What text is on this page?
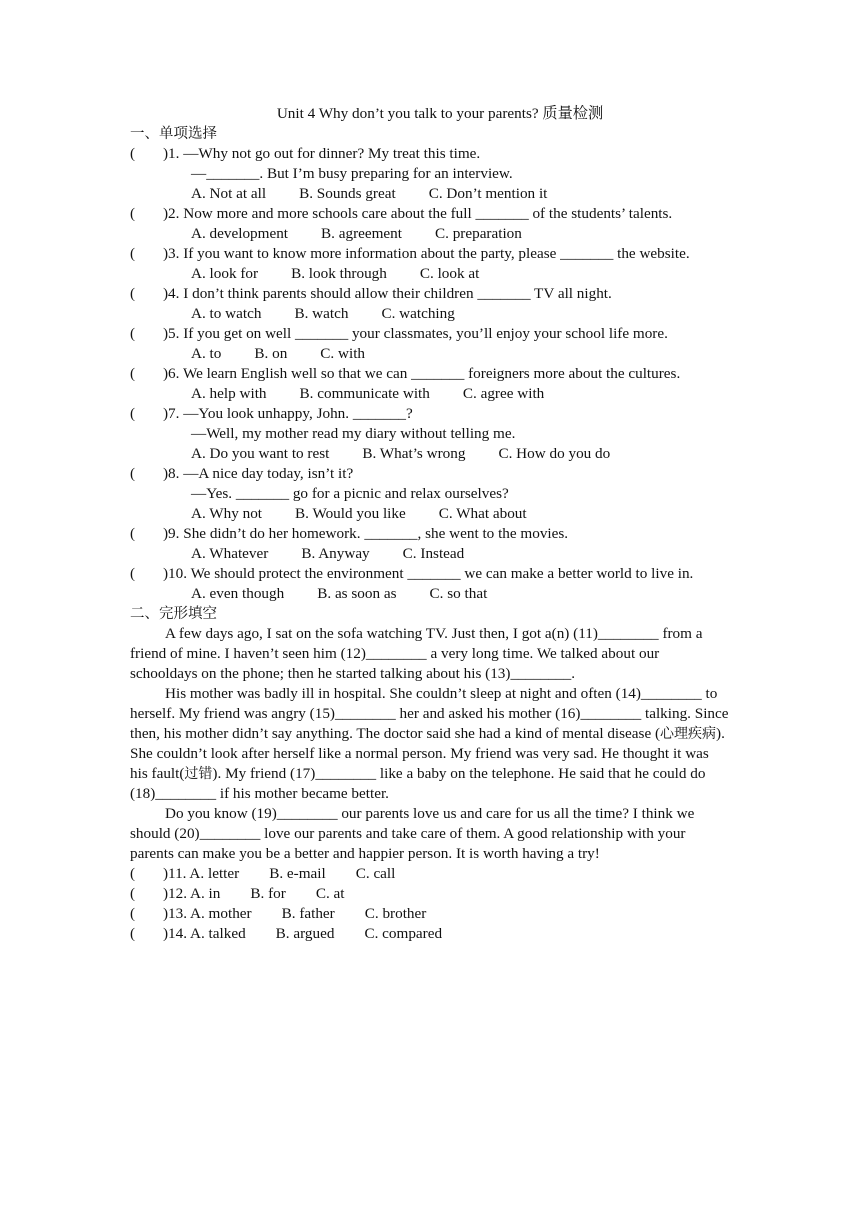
Unit 4 Why don’t you talk to your parents? 质量检测
一、单项选择
( )1. —Why not go out for dinner? My treat this time.
—_______. But I’m busy preparing for an interview.
A. Not at all B. Sounds great C. Don’t mention it
( )2. Now more and more schools care about the full _______ of the students’ talents.
A. development B. agreement C. preparation
( )3. If you want to know more information about the party, please _______ the website.
A. look for B. look through C. look at
( )4. I don’t think parents should allow their children _______ TV all night.
A. to watch B. watch C. watching
( )5. If you get on well _______ your classmates, you’ll enjoy your school life more.
A. to B. on C. with
( )6. We learn English well so that we can _______ foreigners more about the cultures.
A. help with B. communicate with C. agree with
( )7. —You look unhappy, John. _______?
—Well, my mother read my diary without telling me.
A. Do you want to rest B. What’s wrong C. How do you do
( )8. —A nice day today, isn’t it?
—Yes. _______ go for a picnic and relax ourselves?
A. Why not B. Would you like C. What about
( )9. She didn’t do her homework. _______, she went to the movies.
A. Whatever B. Anyway C. Instead
( )10. We should protect the environment _______ we can make a better world to live in.
A. even though B. as soon as C. so that
二、完形填空
A few days ago, I sat on the sofa watching TV. Just then, I got a(n) (11)________ from a friend of mine. I haven’t seen him (12)________ a very long time. We talked about our schooldays on the phone; then he started talking about his (13)________.
His mother was badly ill in hospital. She couldn’t sleep at night and often (14)________ to herself. My friend was angry (15)________ her and asked his mother (16)________ talking. Since then, his mother didn’t say anything. The doctor said she had a kind of mental disease (心理疾病). She couldn’t look after herself like a normal person. My friend was very sad. He thought it was his fault(过错). My friend (17)________ like a baby on the telephone. He said that he could do (18)________ if his mother became better.
Do you know (19)________ our parents love us and care for us all the time? I think we should (20)________ love our parents and take care of them. A good relationship with your parents can make you be a better and happier person. It is worth having a try!
( )11. A. letter B. e-mail C. call
( )12. A. in B. for C. at
( )13. A. mother B. father C. brother
( )14. A. talked B. argued C. compared
